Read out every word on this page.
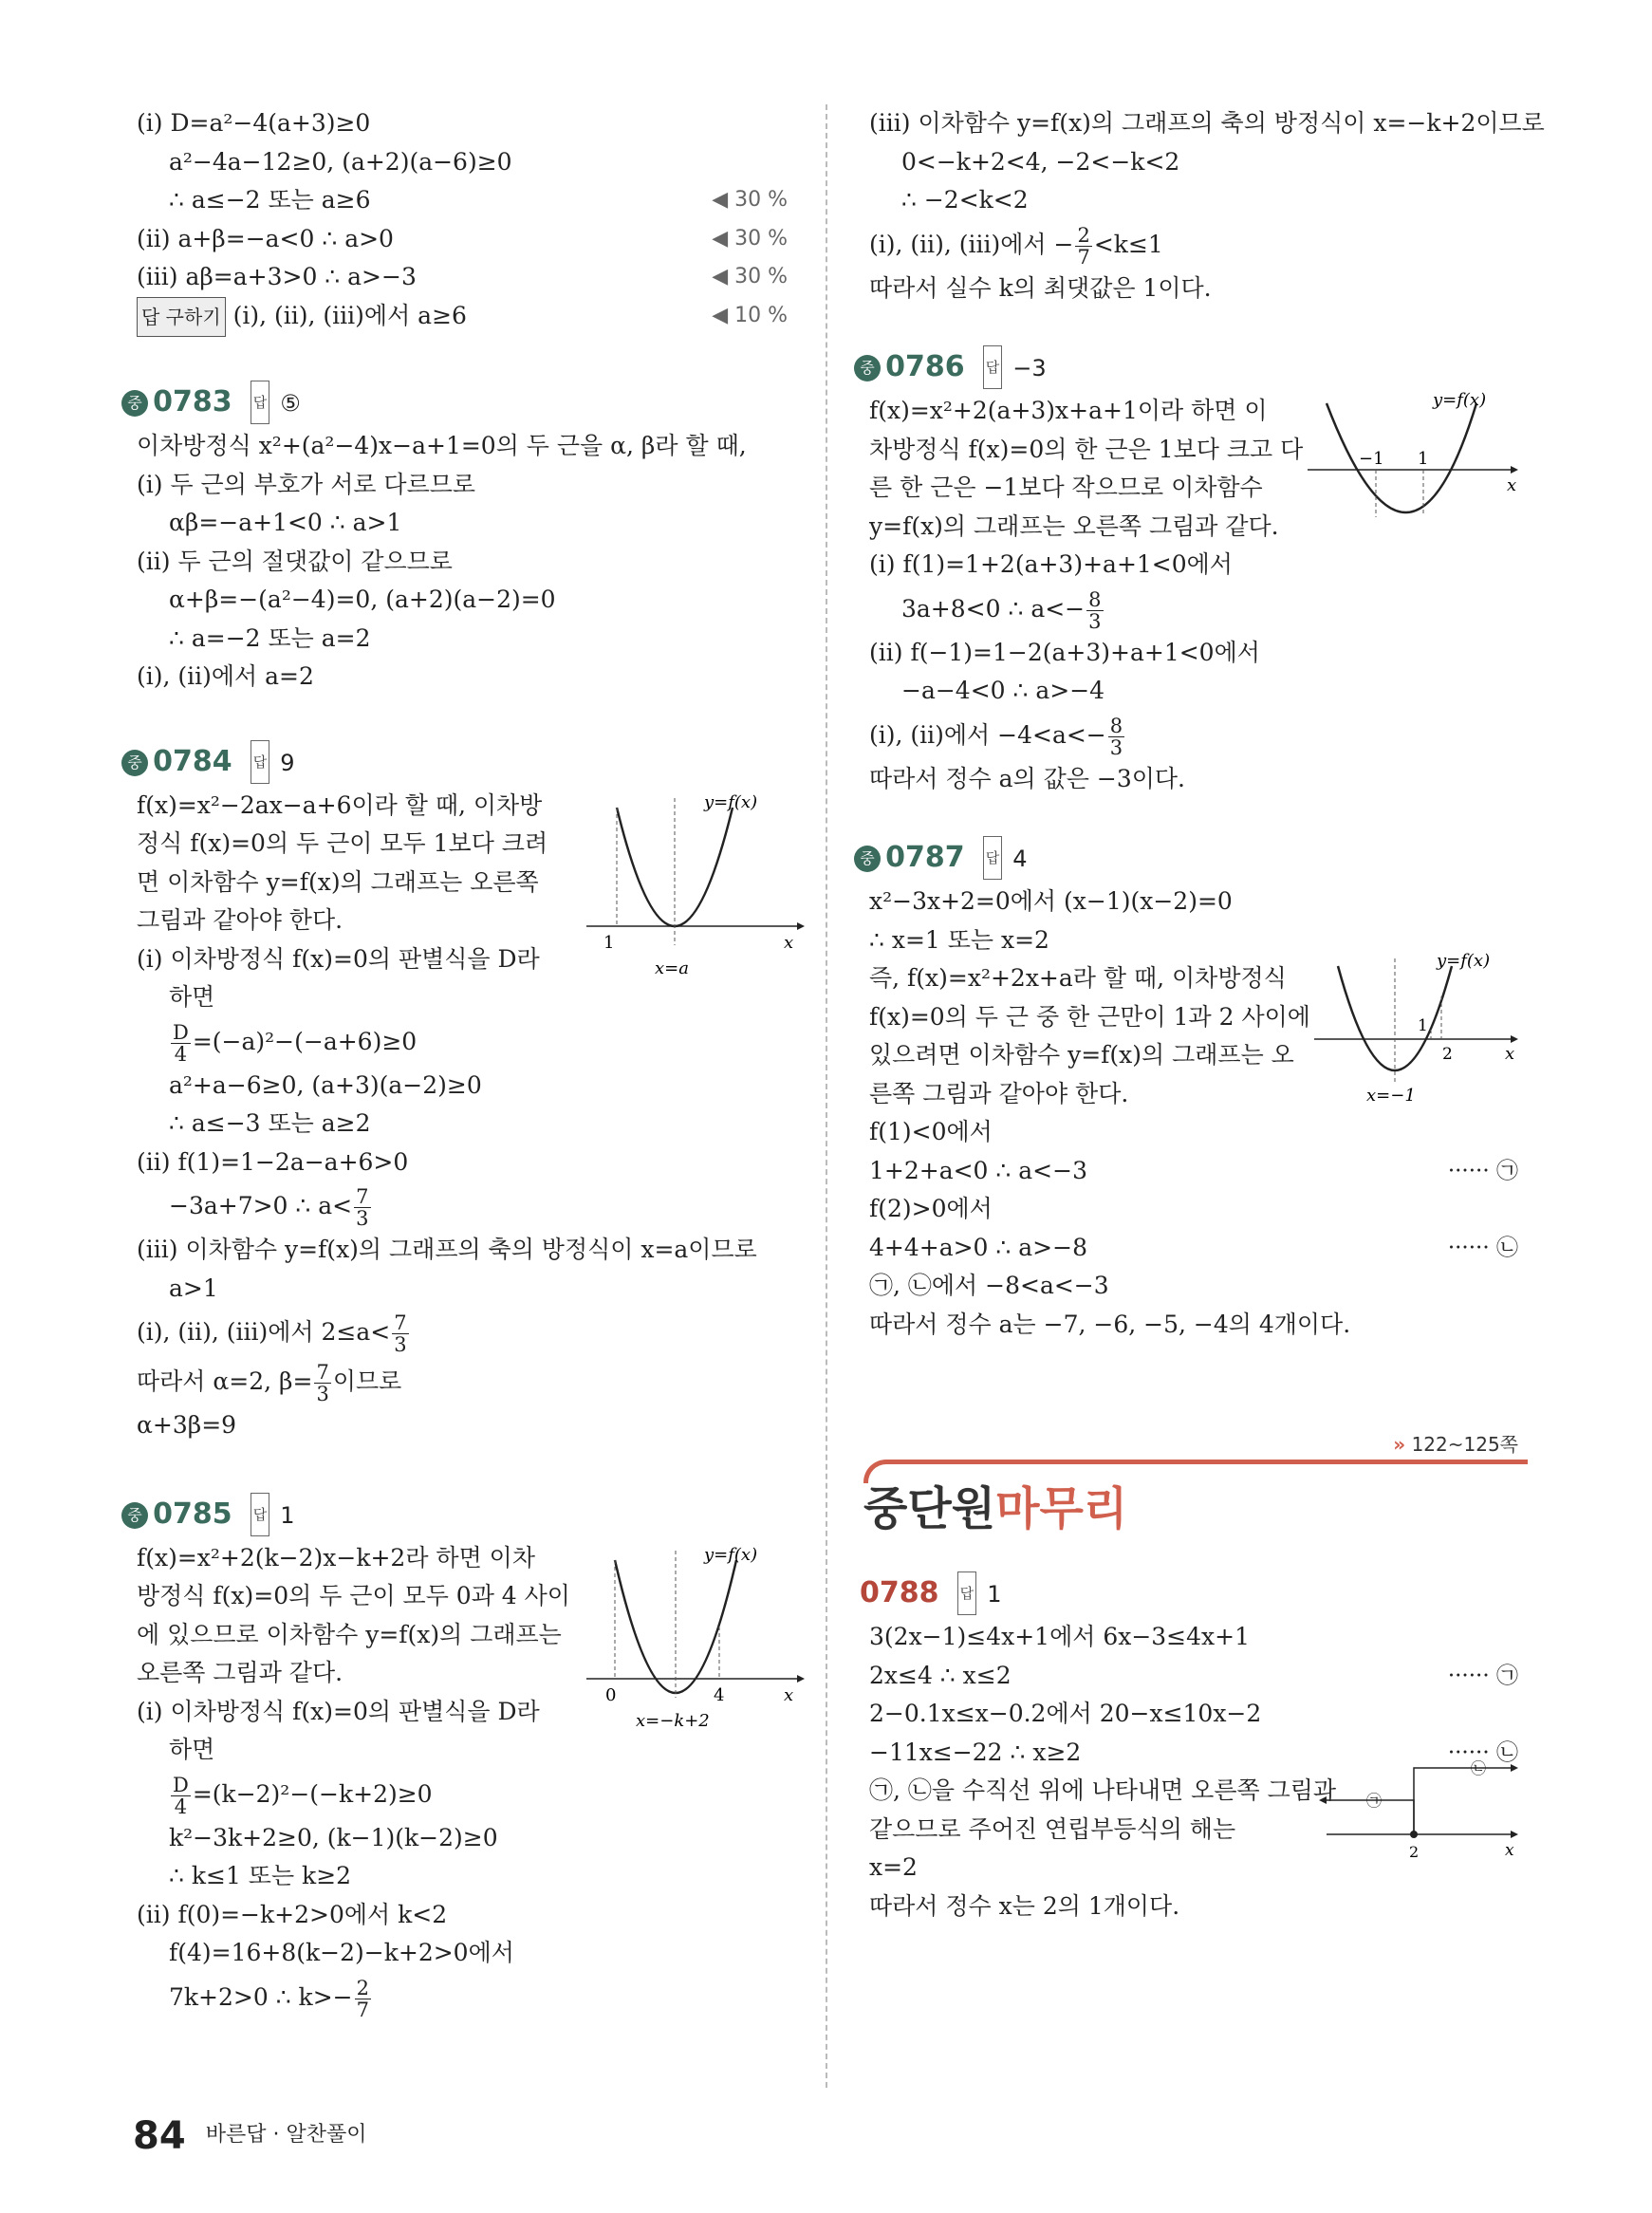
(ⅰ) D=a²−4(a+3)≥0
a²−4a−12≥0, (a+2)(a−6)≥0
∴ a≤−2 또는 a≥6	◀ 30 %
(ⅱ) a+β=−a<0 ∴ a>0	◀ 30 %
(ⅲ) aβ=a+3>0 ∴ a>−3	◀ 30 %
답 구하기 (ⅰ), (ⅱ), (ⅲ)에서 a≥6	◀ 10 %
중 0783 답 ⑤
이차방정식 x²+(a²−4)x−a+1=0의 두 근을 α, β라 할 때,
(ⅰ) 두 근의 부호가 서로 다르므로
αβ=−a+1<0 ∴ a>1
(ⅱ) 두 근의 절댓값이 같으므로
α+β=−(a²−4)=0, (a+2)(a−2)=0
∴ a=−2 또는 a=2
(ⅰ), (ⅱ)에서 a=2
중 0784 답 9
y=f(x)
x
1
x=a
f(x)=x²−2ax−a+6이라 할 때, 이차방
정식 f(x)=0의 두 근이 모두 1보다 크려
면 이차함수 y=f(x)의 그래프는 오른쪽
그림과 같아야 한다.
(ⅰ) 이차방정식 f(x)=0의 판별식을 D라
하면
$\frac{D}{4} =(-a)^2-(-a+6)\ge 0$
a²+a−6≥0, (a+3)(a−2)≥0
∴ a≤−3 또는 a≥2
(ⅱ) f(1)=1−2a−a+6>0
−3a+7>0 ∴ $a< \frac{7}{3}$
(ⅲ) 이차함수 y=f(x)의 그래프의 축의 방정식이 x=a이므로
a>1
(ⅰ), (ⅱ), (ⅲ)에서 $2\le a< \frac{7}{3}$
따라서 α=2, $\beta= \frac{7}{3}$ 이므로
α+3β=9
중 0785 답 1
y=f(x)
x
0	4
x=−k+2
f(x)=x²+2(k−2)x−k+2라 하면 이차
방정식 f(x)=0의 두 근이 모두 0과 4 사이
에 있으므로 이차함수 y=f(x)의 그래프는
오른쪽 그림과 같다.
(ⅰ) 이차방정식 f(x)=0의 판별식을 D라
하면
$\frac{D}{4} =(k-2)^2-(-k+2)\ge 0$
k²−3k+2≥0, (k−1)(k−2)≥0
∴ k≤1 또는 k≥2
(ⅱ) f(0)=−k+2>0에서 k<2
f(4)=16+8(k−2)−k+2>0에서
7k+2>0 ∴ $k>- \frac{2}{7}$
(ⅲ) 이차함수 y=f(x)의 그래프의 축의 방정식이 x=−k+2이므로
0<−k+2<4, −2<−k<2
∴ −2<k<2
(ⅰ), (ⅱ), (ⅲ)에서 − $\frac{2}{7} <k\le 1$
따라서 실수 k의 최댓값은 1이다.
중 0786 답 −3
y=f(x)
x
−1 1
f(x)=x²+2(a+3)x+a+1이라 하면 이
차방정식 f(x)=0의 한 근은 1보다 크고 다
른 한 근은 −1보다 작으므로 이차함수
y=f(x)의 그래프는 오른쪽 그림과 같다.
(ⅰ) f(1)=1+2(a+3)+a+1<0에서
3a+8<0 ∴ $a<- \frac{8}{3}$
(ⅱ) f(−1)=1−2(a+3)+a+1<0에서
−a−4<0 ∴ a>−4
(ⅰ), (ⅱ)에서 $-4<a<- \frac{8}{3}$
따라서 정수 a의 값은 −3이다.
중 0787 답 4
y=f(x)
x
1
2
x=−1
x²−3x+2=0에서 (x−1)(x−2)=0
∴ x=1 또는 x=2
즉, f(x)=x²+2x+a라 할 때, 이차방정식
f(x)=0의 두 근 중 한 근만이 1과 2 사이에
있으려면 이차함수 y=f(x)의 그래프는 오
른쪽 그림과 같아야 한다.
f(1)<0에서
1+2+a<0 ∴ a<−3	······ ㉠
f(2)>0에서
4+4+a>0 ∴ a>−8	······ ㉡
㉠, ㉡에서 −8<a<−3
따라서 정수 a는 −7, −6, −5, −4의 4개이다.
» 122~125쪽
중단원마무리
0788 답 1
㉡
㉠
2	x
3(2x−1)≤4x+1에서 6x−3≤4x+1
2x≤4 ∴ x≤2	······ ㉠
2−0.1x≤x−0.2에서 20−x≤10x−2
−11x≤−22 ∴ x≥2	······ ㉡
㉠, ㉡을 수직선 위에 나타내면 오른쪽 그림과
같으므로 주어진 연립부등식의 해는
x=2
따라서 정수 x는 2의 1개이다.
84 바른답 · 알찬풀이
